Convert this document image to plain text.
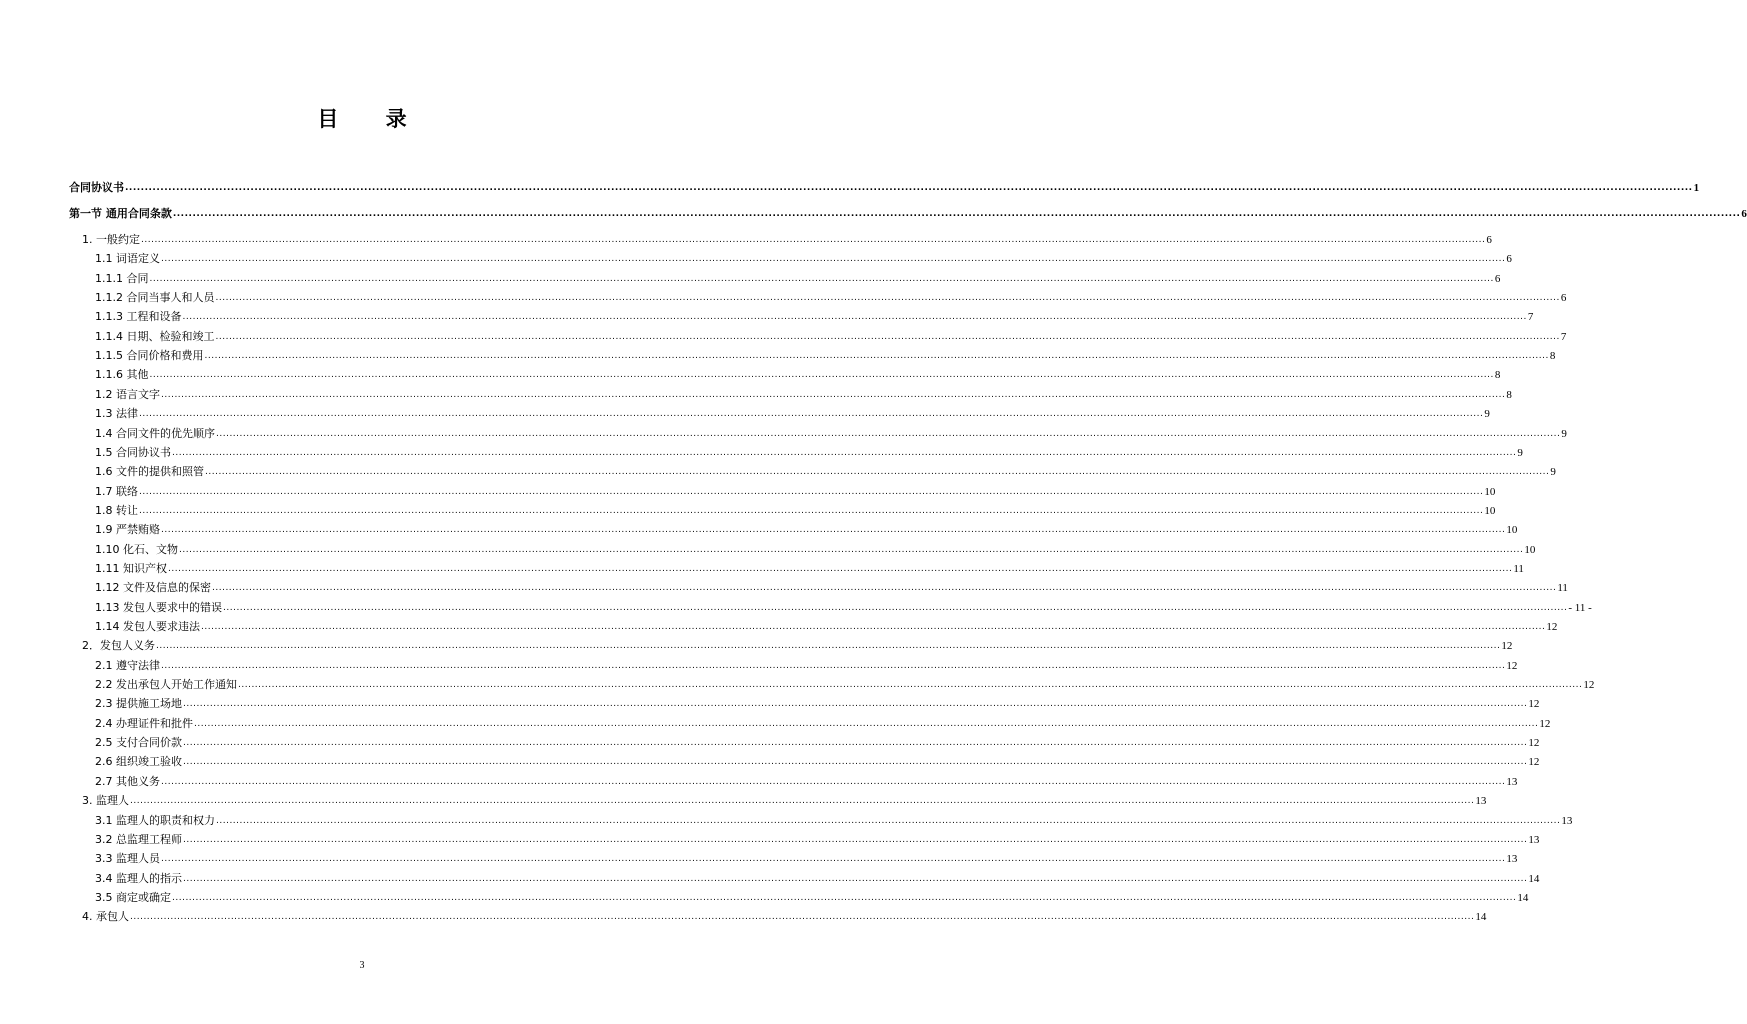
目 录
合同协议书 ................................................................................................................................................................................................................................................................................................................................................................................................................ 1
第一节 通用合同条款 ................................................................................................................................................................................................................................................................................................................................................................................................................ 6
1. 一般约定 ................................................................................................................................................................................................................................................................................................................................................................................................................ 6
1.1 词语定义 ................................................................................................................................................................................................................................................................................................................................................................................................................ 6
1.1.1 合同 ................................................................................................................................................................................................................................................................................................................................................................................................................ 6
1.1.2 合同当事人和人员 ................................................................................................................................................................................................................................................................................................................................................................................................................ 6
1.1.3 工程和设备 ................................................................................................................................................................................................................................................................................................................................................................................................................ 7
1.1.4 日期、检验和竣工 ................................................................................................................................................................................................................................................................................................................................................................................................................ 7
1.1.5 合同价格和费用 ................................................................................................................................................................................................................................................................................................................................................................................................................ 8
1.1.6 其他 ................................................................................................................................................................................................................................................................................................................................................................................................................ 8
1.2 语言文字 ................................................................................................................................................................................................................................................................................................................................................................................................................ 8
1.3 法律 ................................................................................................................................................................................................................................................................................................................................................................................................................ 9
1.4 合同文件的优先顺序 ................................................................................................................................................................................................................................................................................................................................................................................................................ 9
1.5 合同协议书 ................................................................................................................................................................................................................................................................................................................................................................................................................ 9
1.6 文件的提供和照管 ................................................................................................................................................................................................................................................................................................................................................................................................................ 9
1.7 联络 ................................................................................................................................................................................................................................................................................................................................................................................................................ 10
1.8 转让 ................................................................................................................................................................................................................................................................................................................................................................................................................ 10
1.9 严禁贿赂 ................................................................................................................................................................................................................................................................................................................................................................................................................ 10
1.10 化石、文物 ................................................................................................................................................................................................................................................................................................................................................................................................................ 10
1.11 知识产权 ................................................................................................................................................................................................................................................................................................................................................................................................................ 11
1.12 文件及信息的保密 ................................................................................................................................................................................................................................................................................................................................................................................................................ 11
1.13 发包人要求中的错误 ................................................................................................................................................................................................................................................................................................................................................................................................................ - 11 -
1.14 发包人要求违法 ................................................................................................................................................................................................................................................................................................................................................................................................................ 12
2．发包人义务 ................................................................................................................................................................................................................................................................................................................................................................................................................ 12
2.1 遵守法律 ................................................................................................................................................................................................................................................................................................................................................................................................................ 12
2.2 发出承包人开始工作通知 ................................................................................................................................................................................................................................................................................................................................................................................................................ 12
2.3 提供施工场地 ................................................................................................................................................................................................................................................................................................................................................................................................................ 12
2.4 办理证件和批件 ................................................................................................................................................................................................................................................................................................................................................................................................................ 12
2.5 支付合同价款 ................................................................................................................................................................................................................................................................................................................................................................................................................ 12
2.6 组织竣工验收 ................................................................................................................................................................................................................................................................................................................................................................................................................ 12
2.7 其他义务 ................................................................................................................................................................................................................................................................................................................................................................................................................ 13
3. 监理人 ................................................................................................................................................................................................................................................................................................................................................................................................................ 13
3.1 监理人的职责和权力 ................................................................................................................................................................................................................................................................................................................................................................................................................ 13
3.2 总监理工程师 ................................................................................................................................................................................................................................................................................................................................................................................................................ 13
3.3 监理人员 ................................................................................................................................................................................................................................................................................................................................................................................................................ 13
3.4 监理人的指示 ................................................................................................................................................................................................................................................................................................................................................................................................................ 14
3.5 商定或确定 ................................................................................................................................................................................................................................................................................................................................................................................................................ 14
4. 承包人 ................................................................................................................................................................................................................................................................................................................................................................................................................ 14
3
